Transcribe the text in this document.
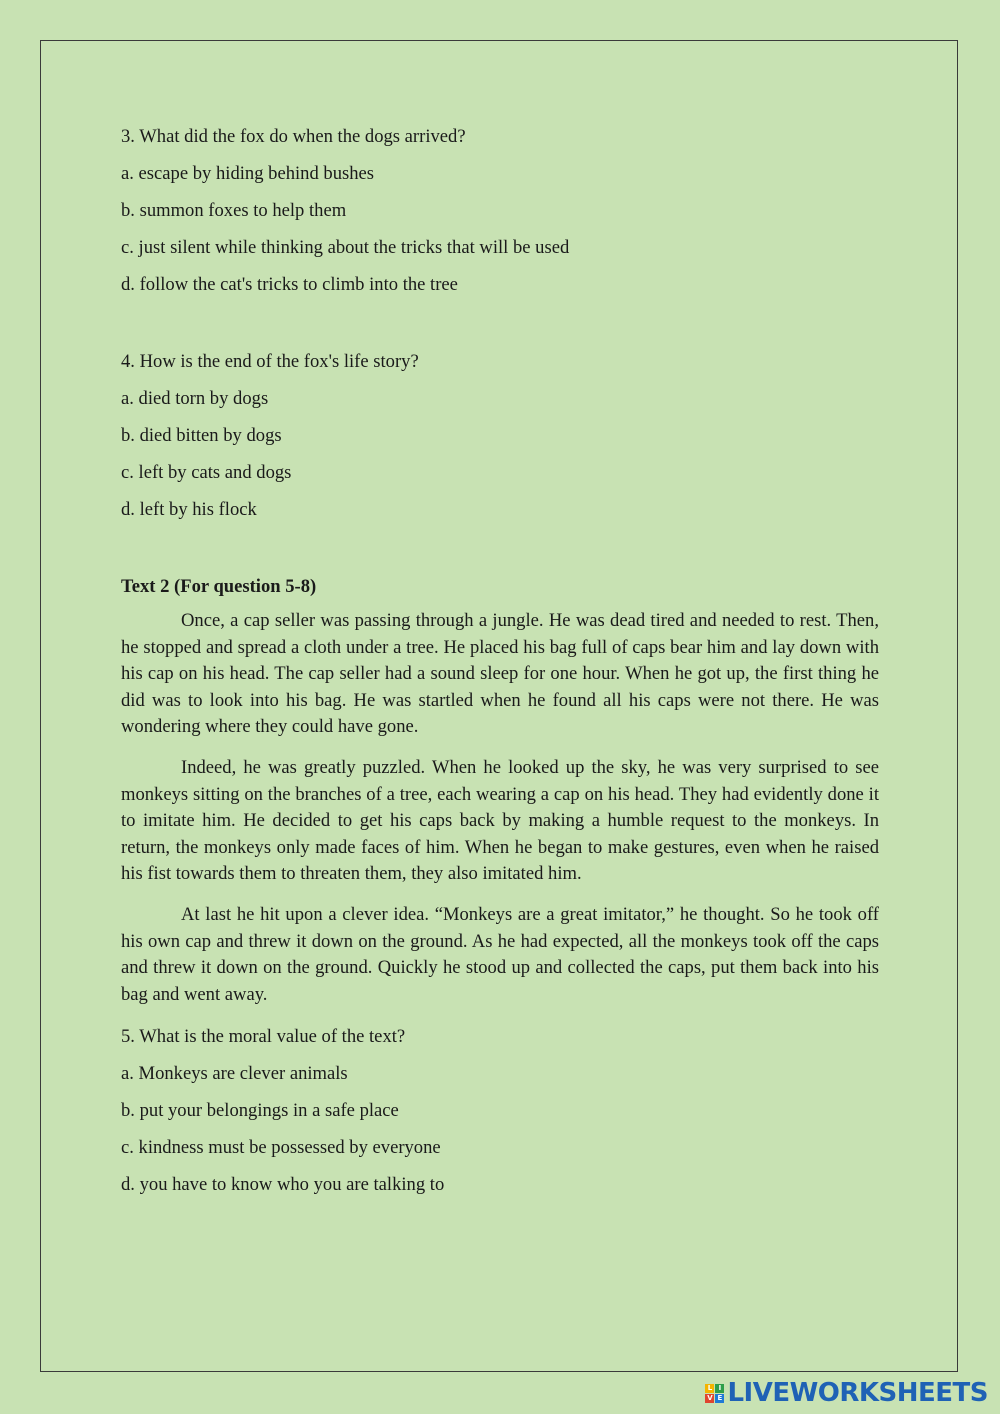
3. What did the fox do when the dogs arrived?

a. escape by hiding behind bushes

b. summon foxes to help them

c. just silent while thinking about the tricks that will be used

d. follow the cat's tricks to climb into the tree

4. How is the end of the fox's life story?

a. died torn by dogs

b. died bitten by dogs

c. left by cats and dogs

d. left by his flock

Text 2 (For question 5-8)

Once, a cap seller was passing through a jungle. He was dead tired and needed to rest. Then, he stopped and spread a cloth under a tree. He placed his bag full of caps bear him and lay down with his cap on his head. The cap seller had a sound sleep for one hour. When he got up, the first thing he did was to look into his bag. He was startled when he found all his caps were not there. He was wondering where they could have gone.

Indeed, he was greatly puzzled. When he looked up the sky, he was very surprised to see monkeys sitting on the branches of a tree, each wearing a cap on his head. They had evidently done it to imitate him. He decided to get his caps back by making a humble request to the monkeys. In return, the monkeys only made faces of him. When he began to make gestures, even when he raised his fist towards them to threaten them, they also imitated him.

At last he hit upon a clever idea. “Monkeys are a great imitator,” he thought. So he took off his own cap and threw it down on the ground. As he had expected, all the monkeys took off the caps and threw it down on the ground. Quickly he stood up and collected the caps, put them back into his bag and went away.

5. What is the moral value of the text?

a. Monkeys are clever animals

b. put your belongings in a safe place

c. kindness must be possessed by everyone

d. you have to know who you are talking to

L I
V E LIVEWORKSHEETS
